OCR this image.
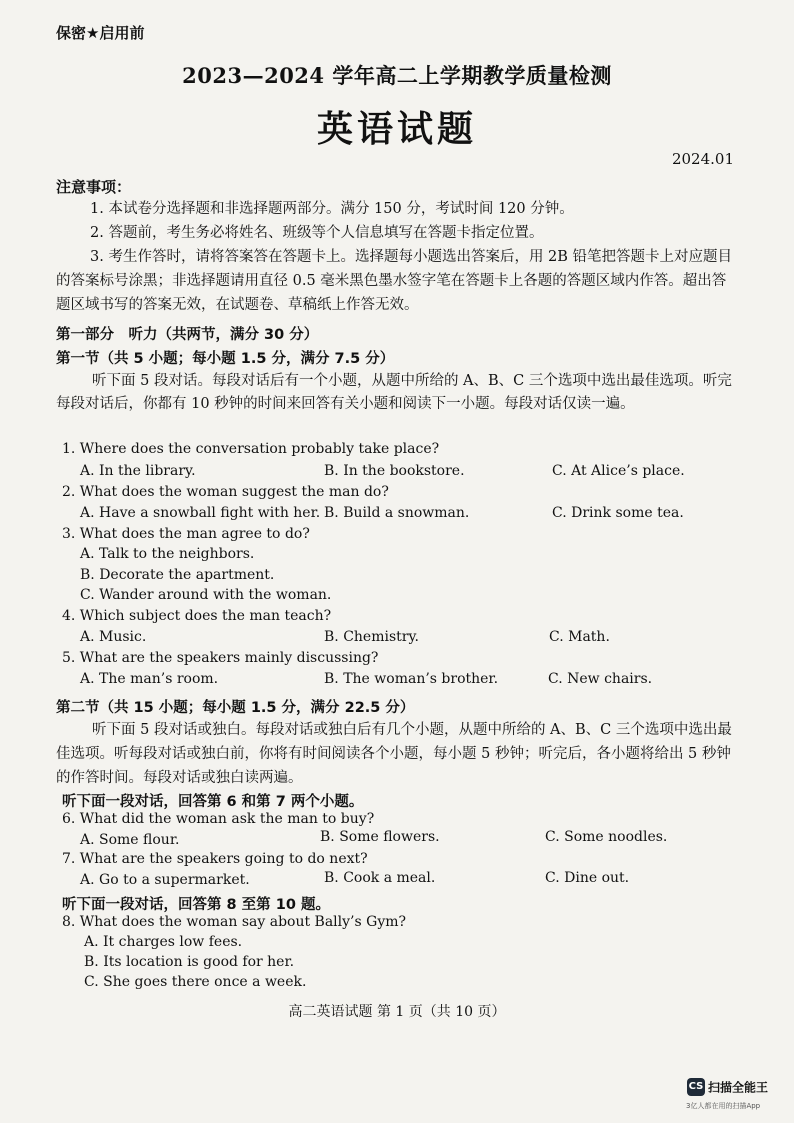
保密★启用前
2023—2024 学年高二上学期教学质量检测
英语试题
2024.01
注意事项：
1. 本试卷分选择题和非选择题两部分。满分 150 分，考试时间 120 分钟。
2. 答题前，考生务必将姓名、班级等个人信息填写在答题卡指定位置。
3. 考生作答时，请将答案答在答题卡上。选择题每小题选出答案后，用 2B 铅笔把答题卡上对应题目的答案标号涂黑；非选择题请用直径 0.5 毫米黑色墨水签字笔在答题卡上各题的答题区域内作答。超出答题区域书写的答案无效，在试题卷、草稿纸上作答无效。
第一部分　听力（共两节，满分 30 分）
第一节（共 5 小题；每小题 1.5 分，满分 7.5 分）
听下面 5 段对话。每段对话后有一个小题，从题中所给的 A、B、C 三个选项中选出最佳选项。听完每段对话后，你都有 10 秒钟的时间来回答有关小题和阅读下一小题。每段对话仅读一遍。
1. Where does the conversation probably take place?
A. In the library.	B. In the bookstore.	C. At Alice’s place.
2. What does the woman suggest the man do?
A. Have a snowball fight with her. B. Build a snowman.	C. Drink some tea.
3. What does the man agree to do?
A. Talk to the neighbors.
B. Decorate the apartment.
C. Wander around with the woman.
4. Which subject does the man teach?
A. Music.	B. Chemistry.	C. Math.
5. What are the speakers mainly discussing?
A. The man’s room.	B. The woman’s brother.	C. New chairs.
第二节（共 15 小题；每小题 1.5 分，满分 22.5 分）
听下面 5 段对话或独白。每段对话或独白后有几个小题，从题中所给的 A、B、C 三个选项中选出最佳选项。听每段对话或独白前，你将有时间阅读各个小题，每小题 5 秒钟；听完后，各小题将给出 5 秒钟的作答时间。每段对话或独白读两遍。
听下面一段对话，回答第 6 和第 7 两个小题。
6. What did the woman ask the man to buy?
A. Some flour.	B. Some flowers.	C. Some noodles.
7. What are the speakers going to do next?
A. Go to a supermarket.	B. Cook a meal.	C. Dine out.
听下面一段对话，回答第 8 至第 10 题。
8. What does the woman say about Bally’s Gym?
A. It charges low fees.
B. Its location is good for her.
C. She goes there once a week.
高二英语试题 第 1 页（共 10 页）
CS 扫描全能王
3亿人都在用的扫描App
